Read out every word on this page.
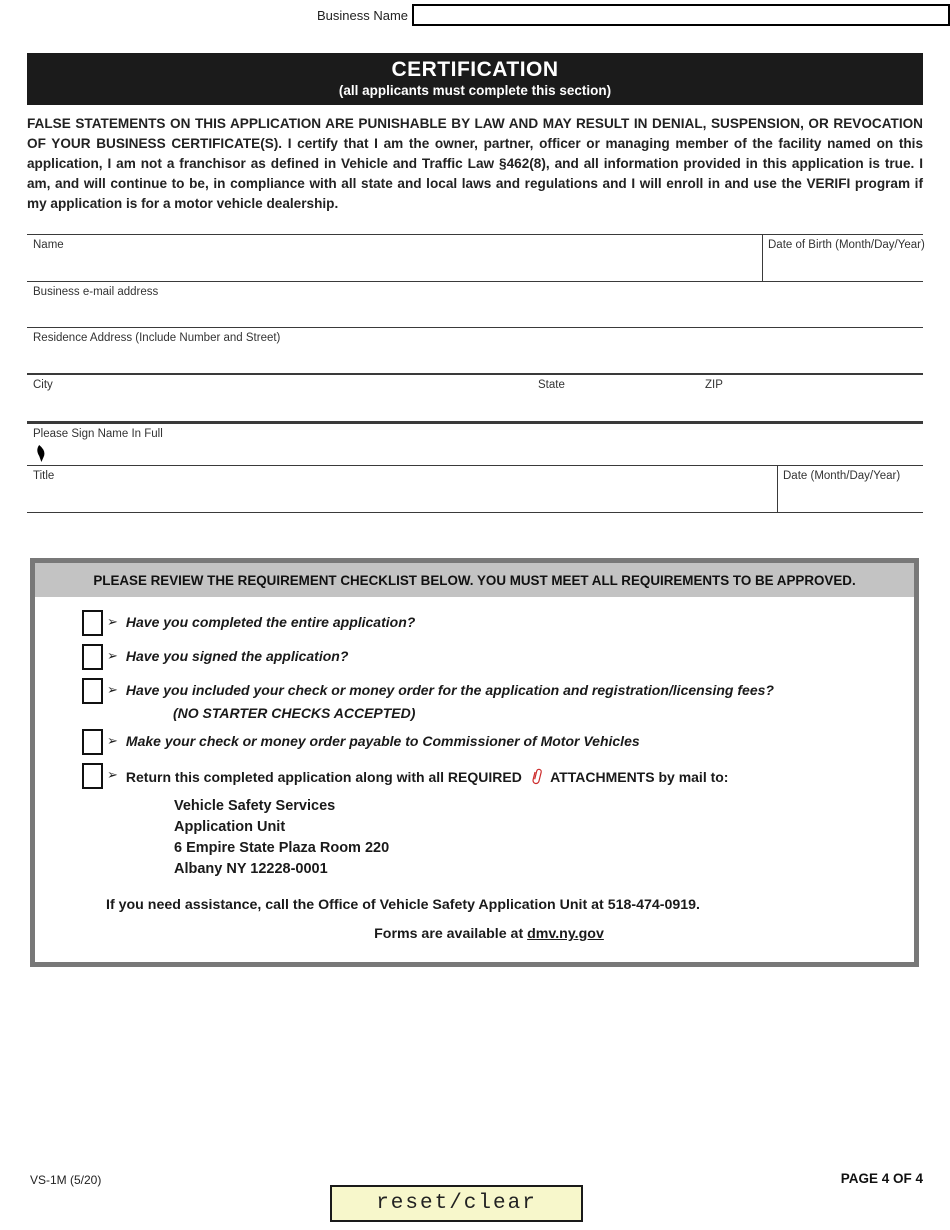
Business Name
CERTIFICATION
(all applicants must complete this section)
FALSE STATEMENTS ON THIS APPLICATION ARE PUNISHABLE BY LAW AND MAY RESULT IN DENIAL, SUSPENSION, OR REVOCATION OF YOUR BUSINESS CERTIFICATE(S). I certify that I am the owner, partner, officer or managing member of the facility named on this application, I am not a franchisor as defined in Vehicle and Traffic Law §462(8), and all information provided in this application is true. I am, and will continue to be, in compliance with all state and local laws and regulations and I will enroll in and use the VERIFI program if my application is for a motor vehicle dealership.
Name	Date of Birth (Month/Day/Year)
Business e-mail address
Residence Address (Include Number and Street)
City	State	ZIP
Please Sign Name In Full
Title	Date (Month/Day/Year)
PLEASE REVIEW THE REQUIREMENT CHECKLIST BELOW. YOU MUST MEET ALL REQUIREMENTS TO BE APPROVED.
➢ Have you completed the entire application?
➢ Have you signed the application?
➢ Have you included your check or money order for the application and registration/licensing fees?
(NO STARTER CHECKS ACCEPTED)
➢ Make your check or money order payable to Commissioner of Motor Vehicles
➢ Return this completed application along with all REQUIRED ATTACHMENTS by mail to:
Vehicle Safety Services
Application Unit
6 Empire State Plaza Room 220
Albany NY 12228-0001
If you need assistance, call the Office of Vehicle Safety Application Unit at 518-474-0919.
Forms are available at dmv.ny.gov
VS-1M (5/20)	PAGE 4 OF 4
reset/clear
